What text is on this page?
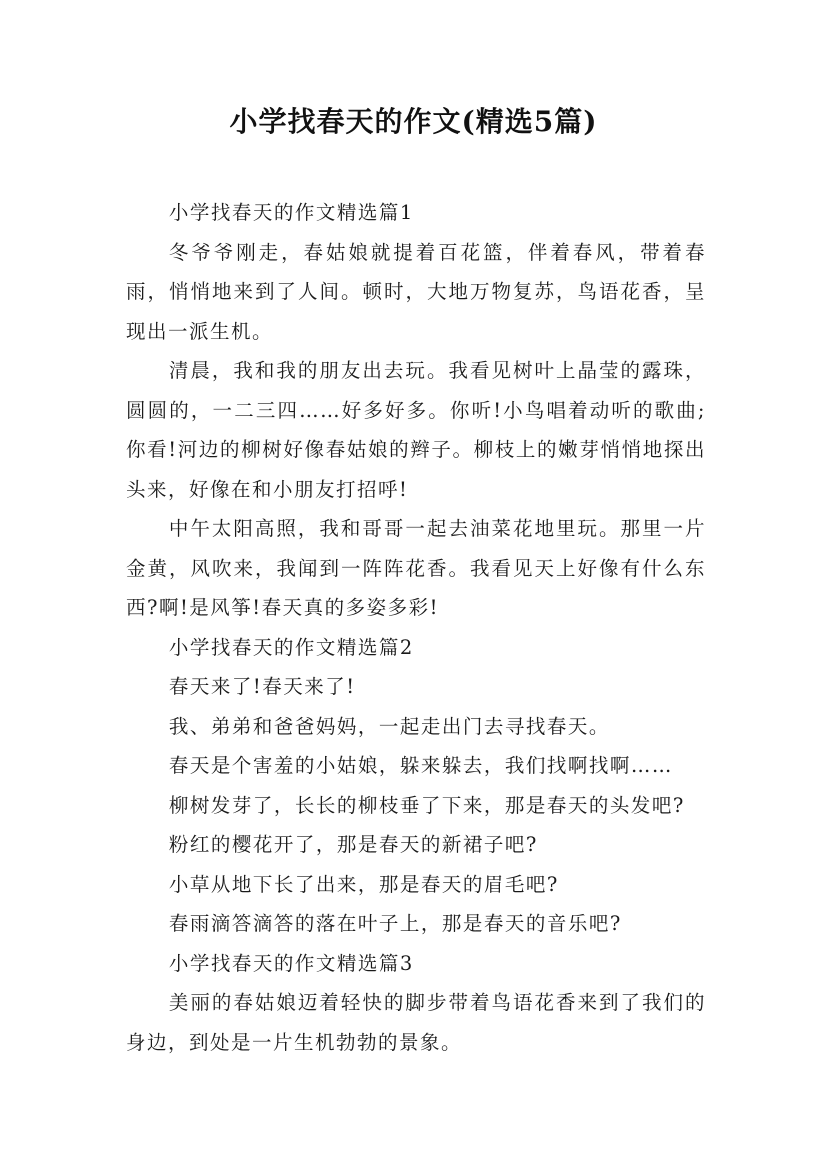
小学找春天的作文(精选5篇)

小学找春天的作文精选篇1

冬爷爷刚走，春姑娘就提着百花篮，伴着春风，带着春雨，悄悄地来到了人间。顿时，大地万物复苏，鸟语花香，呈现出一派生机。

清晨，我和我的朋友出去玩。我看见树叶上晶莹的露珠，圆圆的，一二三四……好多好多。你听!小鸟唱着动听的歌曲;你看!河边的柳树好像春姑娘的辫子。柳枝上的嫩芽悄悄地探出头来，好像在和小朋友打招呼!

中午太阳高照，我和哥哥一起去油菜花地里玩。那里一片金黄，风吹来，我闻到一阵阵花香。我看见天上好像有什么东西?啊!是风筝!春天真的多姿多彩!

小学找春天的作文精选篇2

春天来了!春天来了!

我、弟弟和爸爸妈妈，一起走出门去寻找春天。

春天是个害羞的小姑娘，躲来躲去，我们找啊找啊……

柳树发芽了，长长的柳枝垂了下来，那是春天的头发吧?

粉红的樱花开了，那是春天的新裙子吧?

小草从地下长了出来，那是春天的眉毛吧?

春雨滴答滴答的落在叶子上，那是春天的音乐吧?

小学找春天的作文精选篇3

美丽的春姑娘迈着轻快的脚步带着鸟语花香来到了我们的身边，到处是一片生机勃勃的景象。
